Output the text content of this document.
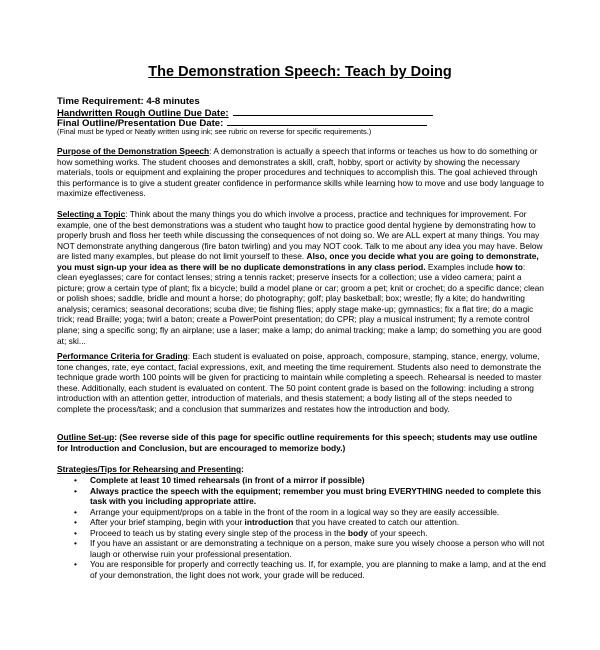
The Demonstration Speech: Teach by Doing
Time Requirement: 4-8 minutes
Handwritten Rough Outline Due Date:
Final Outline/Presentation Due Date:
(Final must be typed or Neatly written using ink; see rubric on reverse for specific requirements.)
Purpose of the Demonstration Speech: A demonstration is actually a speech that informs or teaches us how to do something or how something works. The student chooses and demonstrates a skill, craft, hobby, sport or activity by showing the necessary materials, tools or equipment and explaining the proper procedures and techniques to accomplish this. The goal achieved through this performance is to give a student greater confidence in performance skills while learning how to move and use body language to maximize effectiveness.
Selecting a Topic: Think about the many things you do which involve a process, practice and techniques for improvement. For example, one of the best demonstrations was a student who taught how to practice good dental hygiene by demonstrating how to properly brush and floss her teeth while discussing the consequences of not doing so. We are ALL expert at many things. You may NOT demonstrate anything dangerous (fire baton twirling) and you may NOT cook. Talk to me about any idea you may have. Below are listed many examples, but please do not limit yourself to these. Also, once you decide what you are going to demonstrate, you must sign-up your idea as there will be no duplicate demonstrations in any class period. Examples include how to: clean eyeglasses; care for contact lenses; string a tennis racket; preserve insects for a collection; use a video camera; paint a picture; grow a certain type of plant; fix a bicycle; build a model plane or car; groom a pet; knit or crochet; do a specific dance; clean or polish shoes; saddle, bridle and mount a horse; do photography; golf; play basketball; box; wrestle; fly a kite; do handwriting analysis; ceramics; seasonal decorations; scuba dive; tie fishing flies; apply stage make-up; gymnastics; fix a flat tire; do a magic trick; read Braille; yoga; twirl a baton; create a PowerPoint presentation; do CPR; play a musical instrument; fly a remote control plane; sing a specific song; fly an airplane; use a laser; make a lamp; do animal tracking; make a lamp; do something you are good at; ski...
Performance Criteria for Grading: Each student is evaluated on poise, approach, composure, stamping, stance, energy, volume, tone changes, rate, eye contact, facial expressions, exit, and meeting the time requirement. Students also need to demonstrate the technique grade worth 100 points will be given for practicing to maintain while completing a speech. Rehearsal is needed to master these. Additionally, each student is evaluated on content. The 50 point content grade is based on the following: including a strong introduction with an attention getter, introduction of materials, and thesis statement; a body listing all of the steps needed to complete the process/task; and a conclusion that summarizes and restates how the introduction and body.
Outline Set-up: (See reverse side of this page for specific outline requirements for this speech; students may use outline for Introduction and Conclusion, but are encouraged to memorize body.)
Strategies/Tips for Rehearsing and Presenting:
• Complete at least 10 timed rehearsals (in front of a mirror if possible)
• Always practice the speech with the equipment; remember you must bring EVERYTHING needed to complete this task with you including appropriate attire.
• Arrange your equipment/props on a table in the front of the room in a logical way so they are easily accessible.
• After your brief stamping, begin with your introduction that you have created to catch our attention.
• Proceed to teach us by stating every single step of the process in the body of your speech.
• If you have an assistant or are demonstrating a technique on a person, make sure you wisely choose a person who will not laugh or otherwise ruin your professional presentation.
• You are responsible for properly and correctly teaching us. If, for example, you are planning to make a lamp, and at the end of your demonstration, the light does not work, your grade will be reduced.
